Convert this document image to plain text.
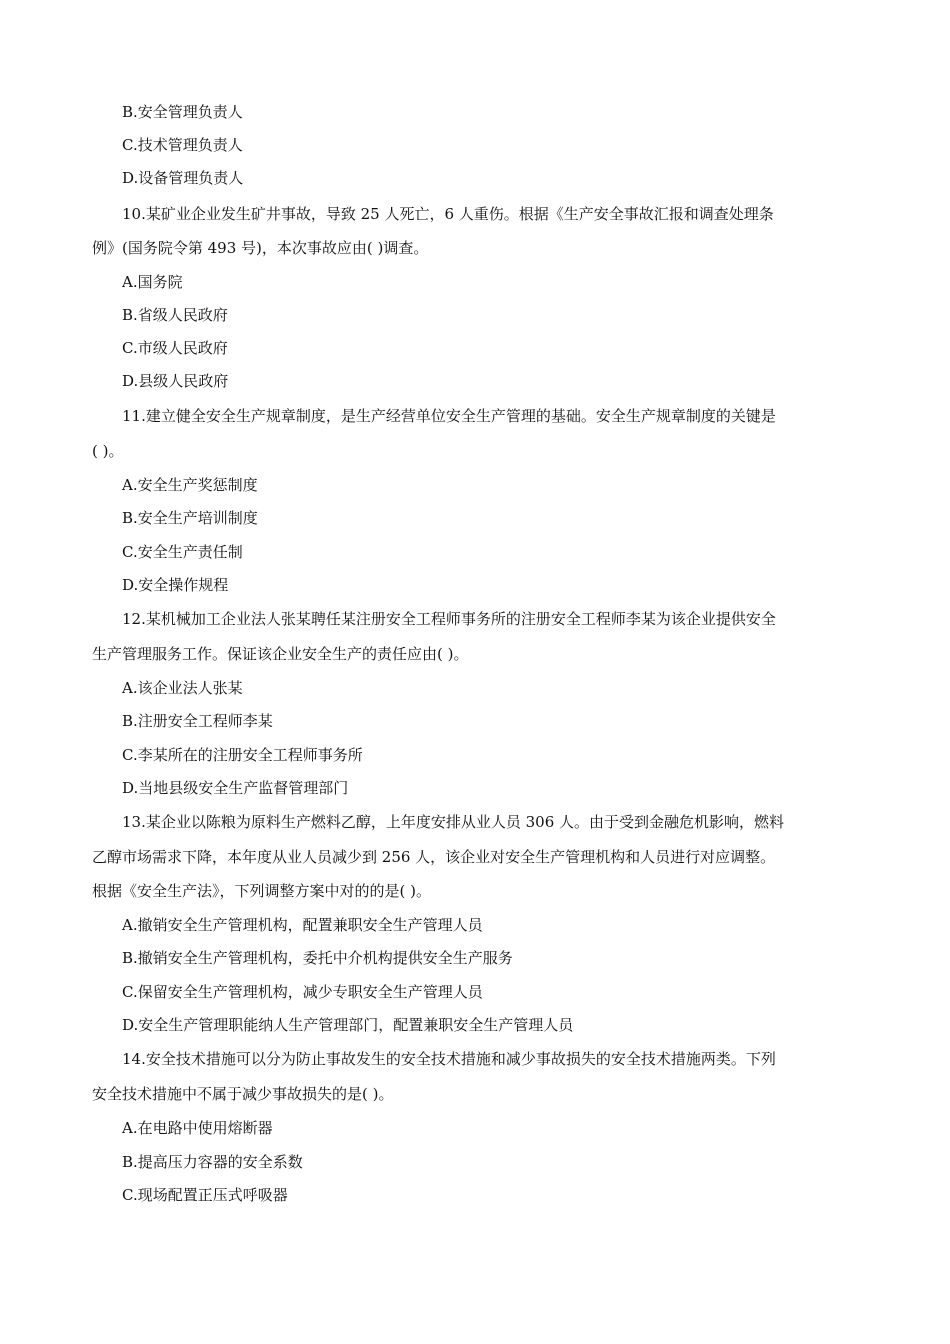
B.安全管理负责人
C.技术管理负责人
D.设备管理负责人
10.某矿业企业发生矿井事故，导致 25 人死亡，6 人重伤。根据《生产安全事故汇报和调查处理条
例》(国务院令第 493 号)，本次事故应由( )调查。
A.国务院
B.省级人民政府
C.市级人民政府
D.县级人民政府
11.建立健全安全生产规章制度，是生产经营单位安全生产管理的基础。安全生产规章制度的关键是
( )。
A.安全生产奖惩制度
B.安全生产培训制度
C.安全生产责任制
D.安全操作规程
12.某机械加工企业法人张某聘任某注册安全工程师事务所的注册安全工程师李某为该企业提供安全
生产管理服务工作。保证该企业安全生产的责任应由( )。
A.该企业法人张某
B.注册安全工程师李某
C.李某所在的注册安全工程师事务所
D.当地县级安全生产监督管理部门
13.某企业以陈粮为原料生产燃料乙醇，上年度安排从业人员 306 人。由于受到金融危机影响，燃料
乙醇市场需求下降，本年度从业人员减少到 256 人，该企业对安全生产管理机构和人员进行对应调整。
根据《安全生产法》，下列调整方案中对的的是( )。
A.撤销安全生产管理机构，配置兼职安全生产管理人员
B.撤销安全生产管理机构，委托中介机构提供安全生产服务
C.保留安全生产管理机构，减少专职安全生产管理人员
D.安全生产管理职能纳人生产管理部门，配置兼职安全生产管理人员
14.安全技术措施可以分为防止事故发生的安全技术措施和减少事故损失的安全技术措施两类。下列
安全技术措施中不属于减少事故损失的是( )。
A.在电路中使用熔断器
B.提高压力容器的安全系数
C.现场配置正压式呼吸器
